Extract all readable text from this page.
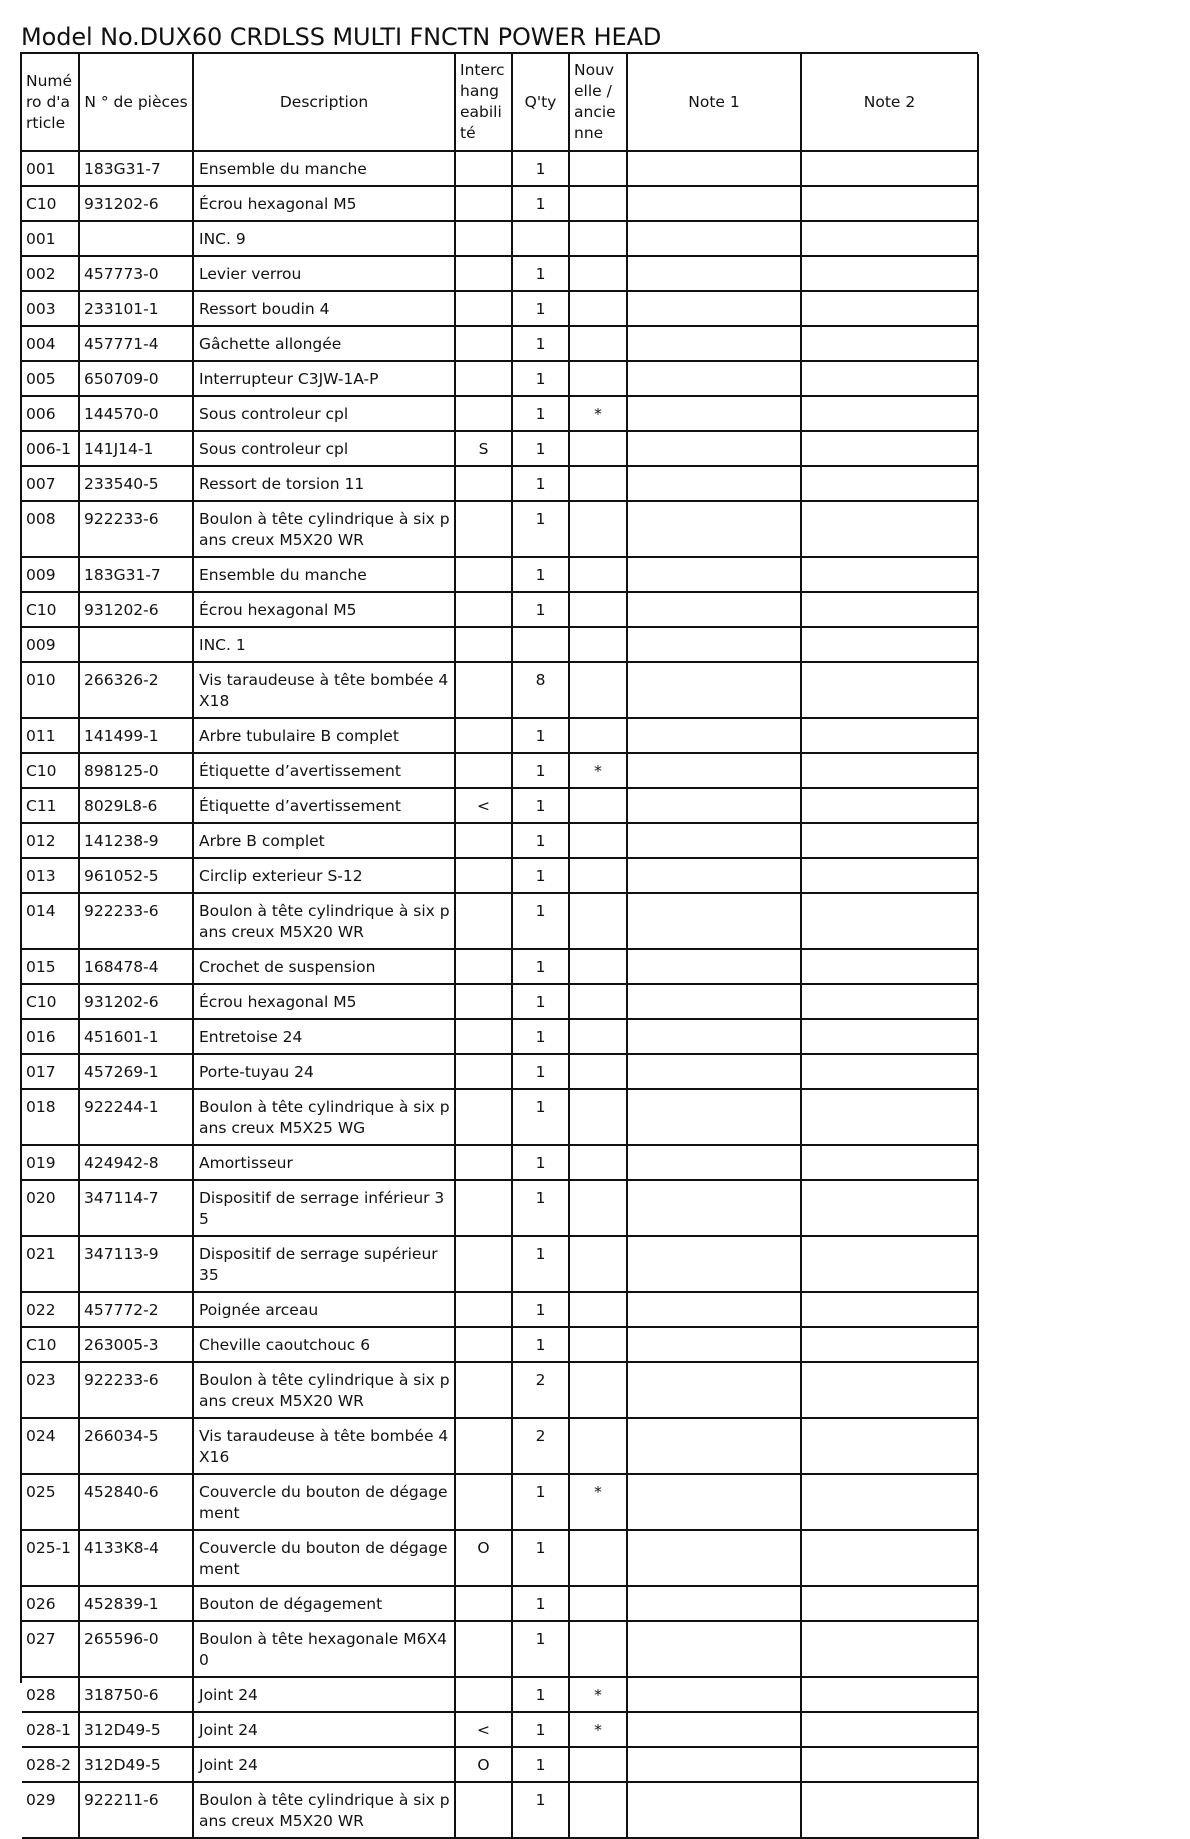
Model No.DUX60 CRDLSS MULTI FNCTN POWER HEAD
Numéro d'article	N ° de pièces	Description	Interchangeabilité	Q'ty	Nouvelle / ancienne	Note 1	Note 2
001	183G31-7	Ensemble du manche		1			
C10	931202-6	Écrou hexagonal M5		1			
001		INC. 9					
002	457773-0	Levier verrou		1			
003	233101-1	Ressort boudin 4		1			
004	457771-4	Gâchette allongée		1			
005	650709-0	Interrupteur C3JW-1A-P		1			
006	144570-0	Sous controleur cpl		1	*		
006-1	141J14-1	Sous controleur cpl	S	1			
007	233540-5	Ressort de torsion 11		1			
008	922233-6	Boulon à tête cylindrique à six pans creux M5X20 WR		1			
009	183G31-7	Ensemble du manche		1			
C10	931202-6	Écrou hexagonal M5		1			
009		INC. 1					
010	266326-2	Vis taraudeuse à tête bombée 4X18		8			
011	141499-1	Arbre tubulaire B complet		1			
C10	898125-0	Étiquette d’avertissement		1	*		
C11	8029L8-6	Étiquette d’avertissement	<	1			
012	141238-9	Arbre B complet		1			
013	961052-5	Circlip exterieur S-12		1			
014	922233-6	Boulon à tête cylindrique à six pans creux M5X20 WR		1			
015	168478-4	Crochet de suspension		1			
C10	931202-6	Écrou hexagonal M5		1			
016	451601-1	Entretoise 24		1			
017	457269-1	Porte-tuyau 24		1			
018	922244-1	Boulon à tête cylindrique à six pans creux M5X25 WG		1			
019	424942-8	Amortisseur		1			
020	347114-7	Dispositif de serrage inférieur 35		1			
021	347113-9	Dispositif de serrage supérieur 35		1			
022	457772-2	Poignée arceau		1			
C10	263005-3	Cheville caoutchouc 6		1			
023	922233-6	Boulon à tête cylindrique à six pans creux M5X20 WR		2			
024	266034-5	Vis taraudeuse à tête bombée 4X16		2			
025	452840-6	Couvercle du bouton de dégagement		1	*		
025-1	4133K8-4	Couvercle du bouton de dégagement	O	1			
026	452839-1	Bouton de dégagement		1			
027	265596-0	Boulon à tête hexagonale M6X40		1			
028	318750-6	Joint 24		1	*		
028-1	312D49-5	Joint 24	<	1	*		
028-2	312D49-5	Joint 24	O	1			
029	922211-6	Boulon à tête cylindrique à six pans creux M5X20 WR		1			
